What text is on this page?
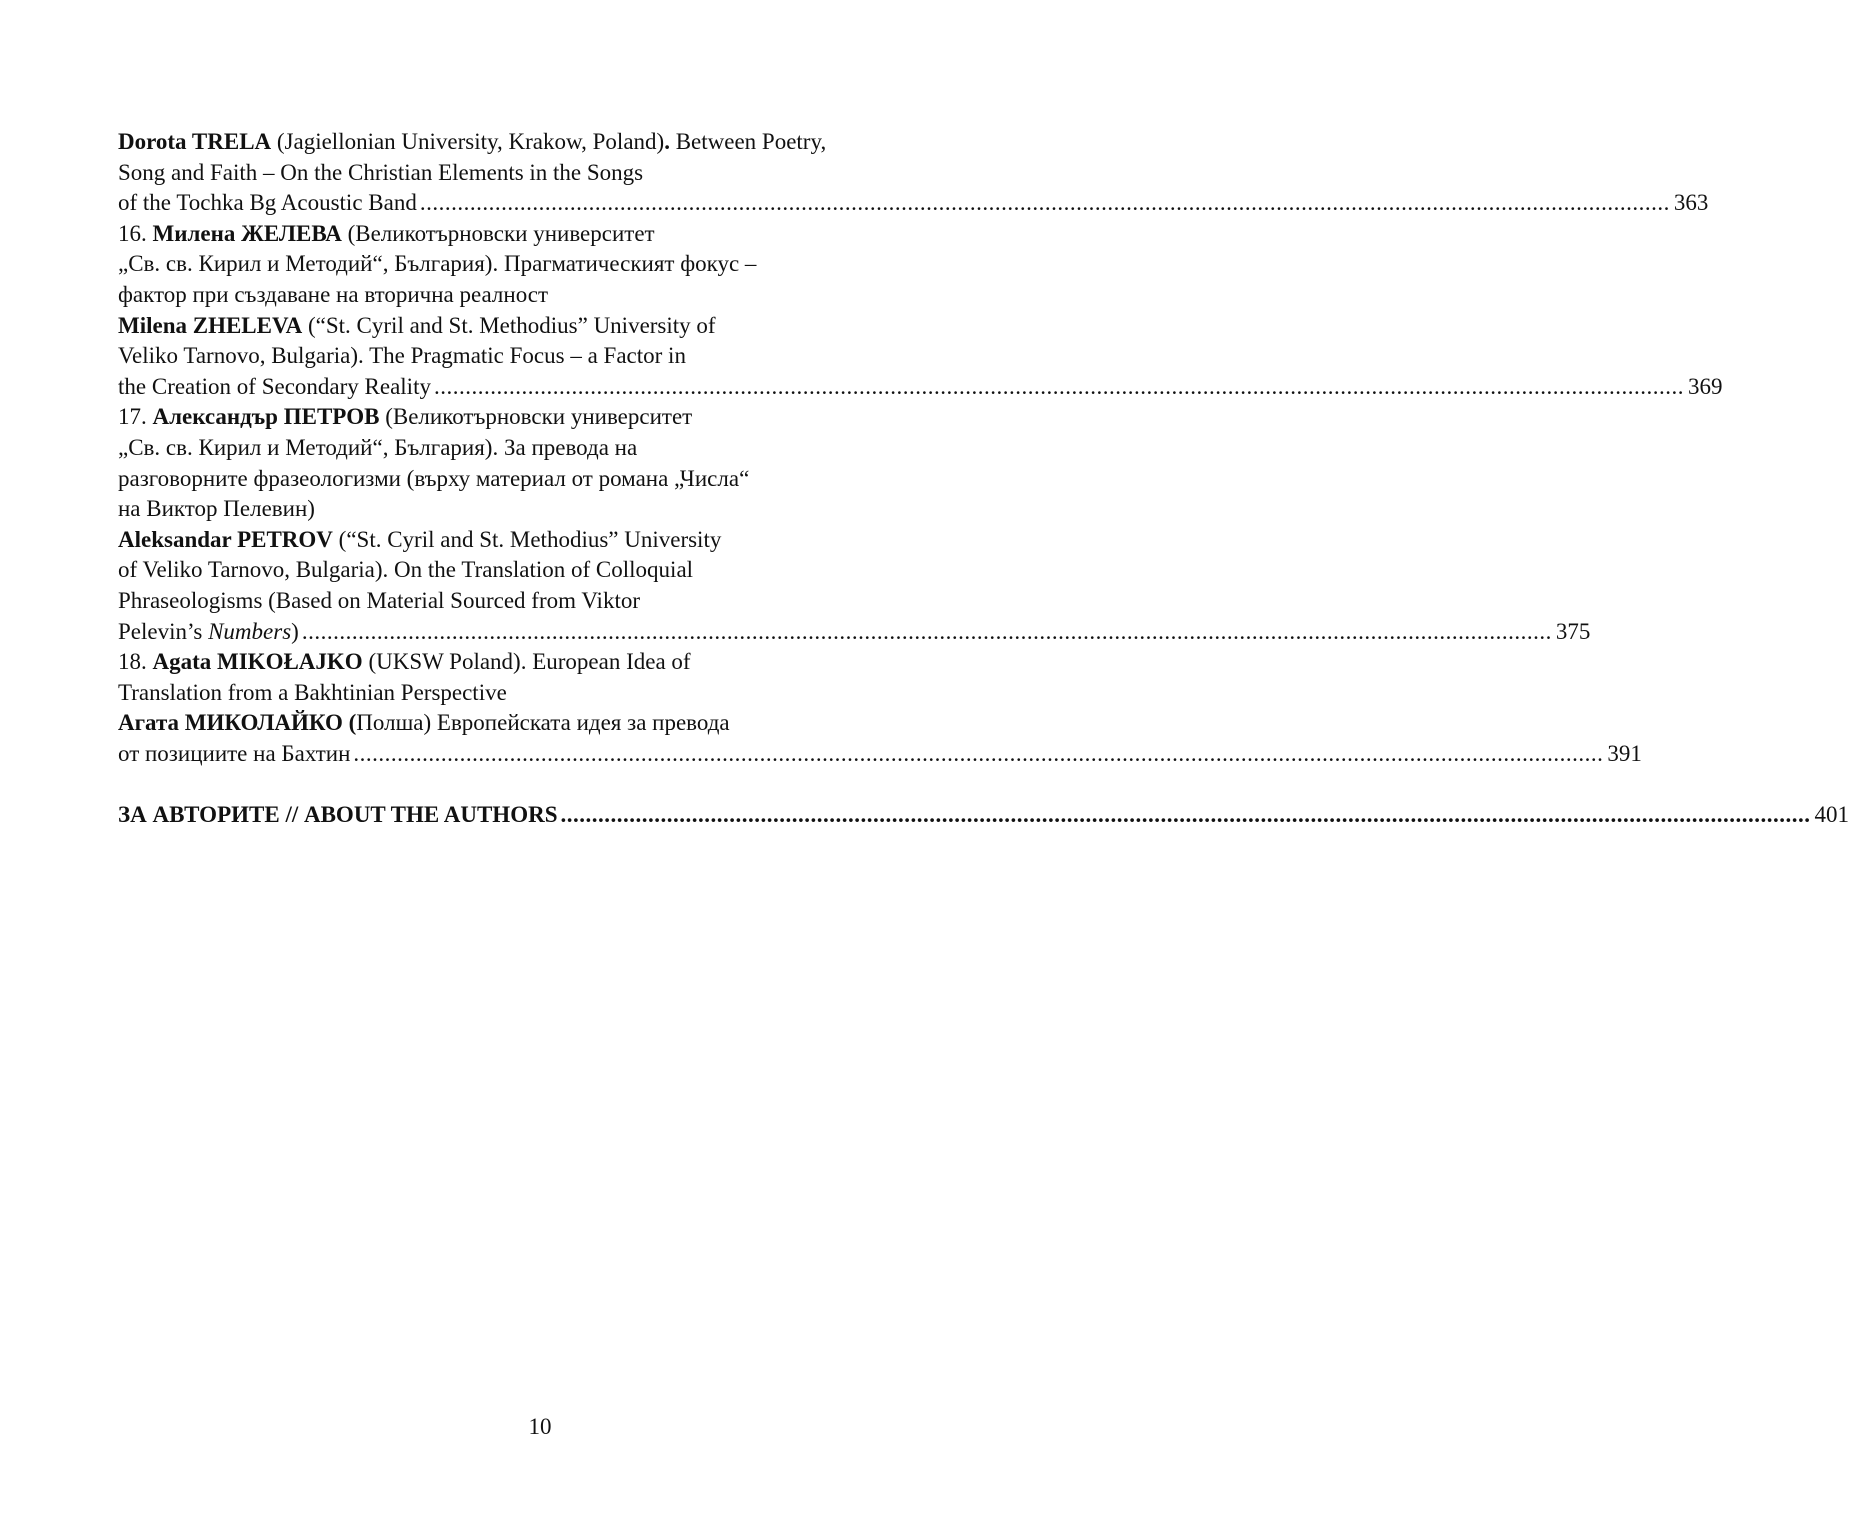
Dorota TRELA (Jagiellonian University, Krakow, Poland). Between Poetry,
Song and Faith – On the Christian Elements in the Songs
of the Tochka Bg Acoustic Band ........................................................................................................................................................................................................ 363
16. Милена ЖЕЛЕВА (Великотърновски университет
„Св. св. Кирил и Методий“, България). Прагматическият фокус –
фактор при създаване на вторична реалност
Milena ZHELEVA (“St. Cyril and St. Methodius” University of
Veliko Tarnovo, Bulgaria). The Pragmatic Focus – a Factor in
the Creation of Secondary Reality ........................................................................................................................................................................................................ 369
17. Александър ПЕТРОВ (Великотърновски университет
„Св. св. Кирил и Методий“, България). За превода на
разговорните фразеологизми (върху материал от романа „Числа“
на Виктор Пелевин)
Aleksandar PETROV (“St. Cyril and St. Methodius” University
of Veliko Tarnovo, Bulgaria). On the Translation of Colloquial
Phraseologisms (Based on Material Sourced from Viktor
Pelevin’s Numbers) ........................................................................................................................................................................................................ 375
18. Agata MIKOŁAJKO (UKSW Poland). European Idea of
Translation from a Bakhtinian Perspective
Агата МИКОЛАЙКО (Полша) Европейската идея за превода
от позициите на Бахтин ........................................................................................................................................................................................................ 391
ЗА АВТОРИТЕ // ABOUT THE AUTHORS ........................................................................................................................................................................................................ 401
10
